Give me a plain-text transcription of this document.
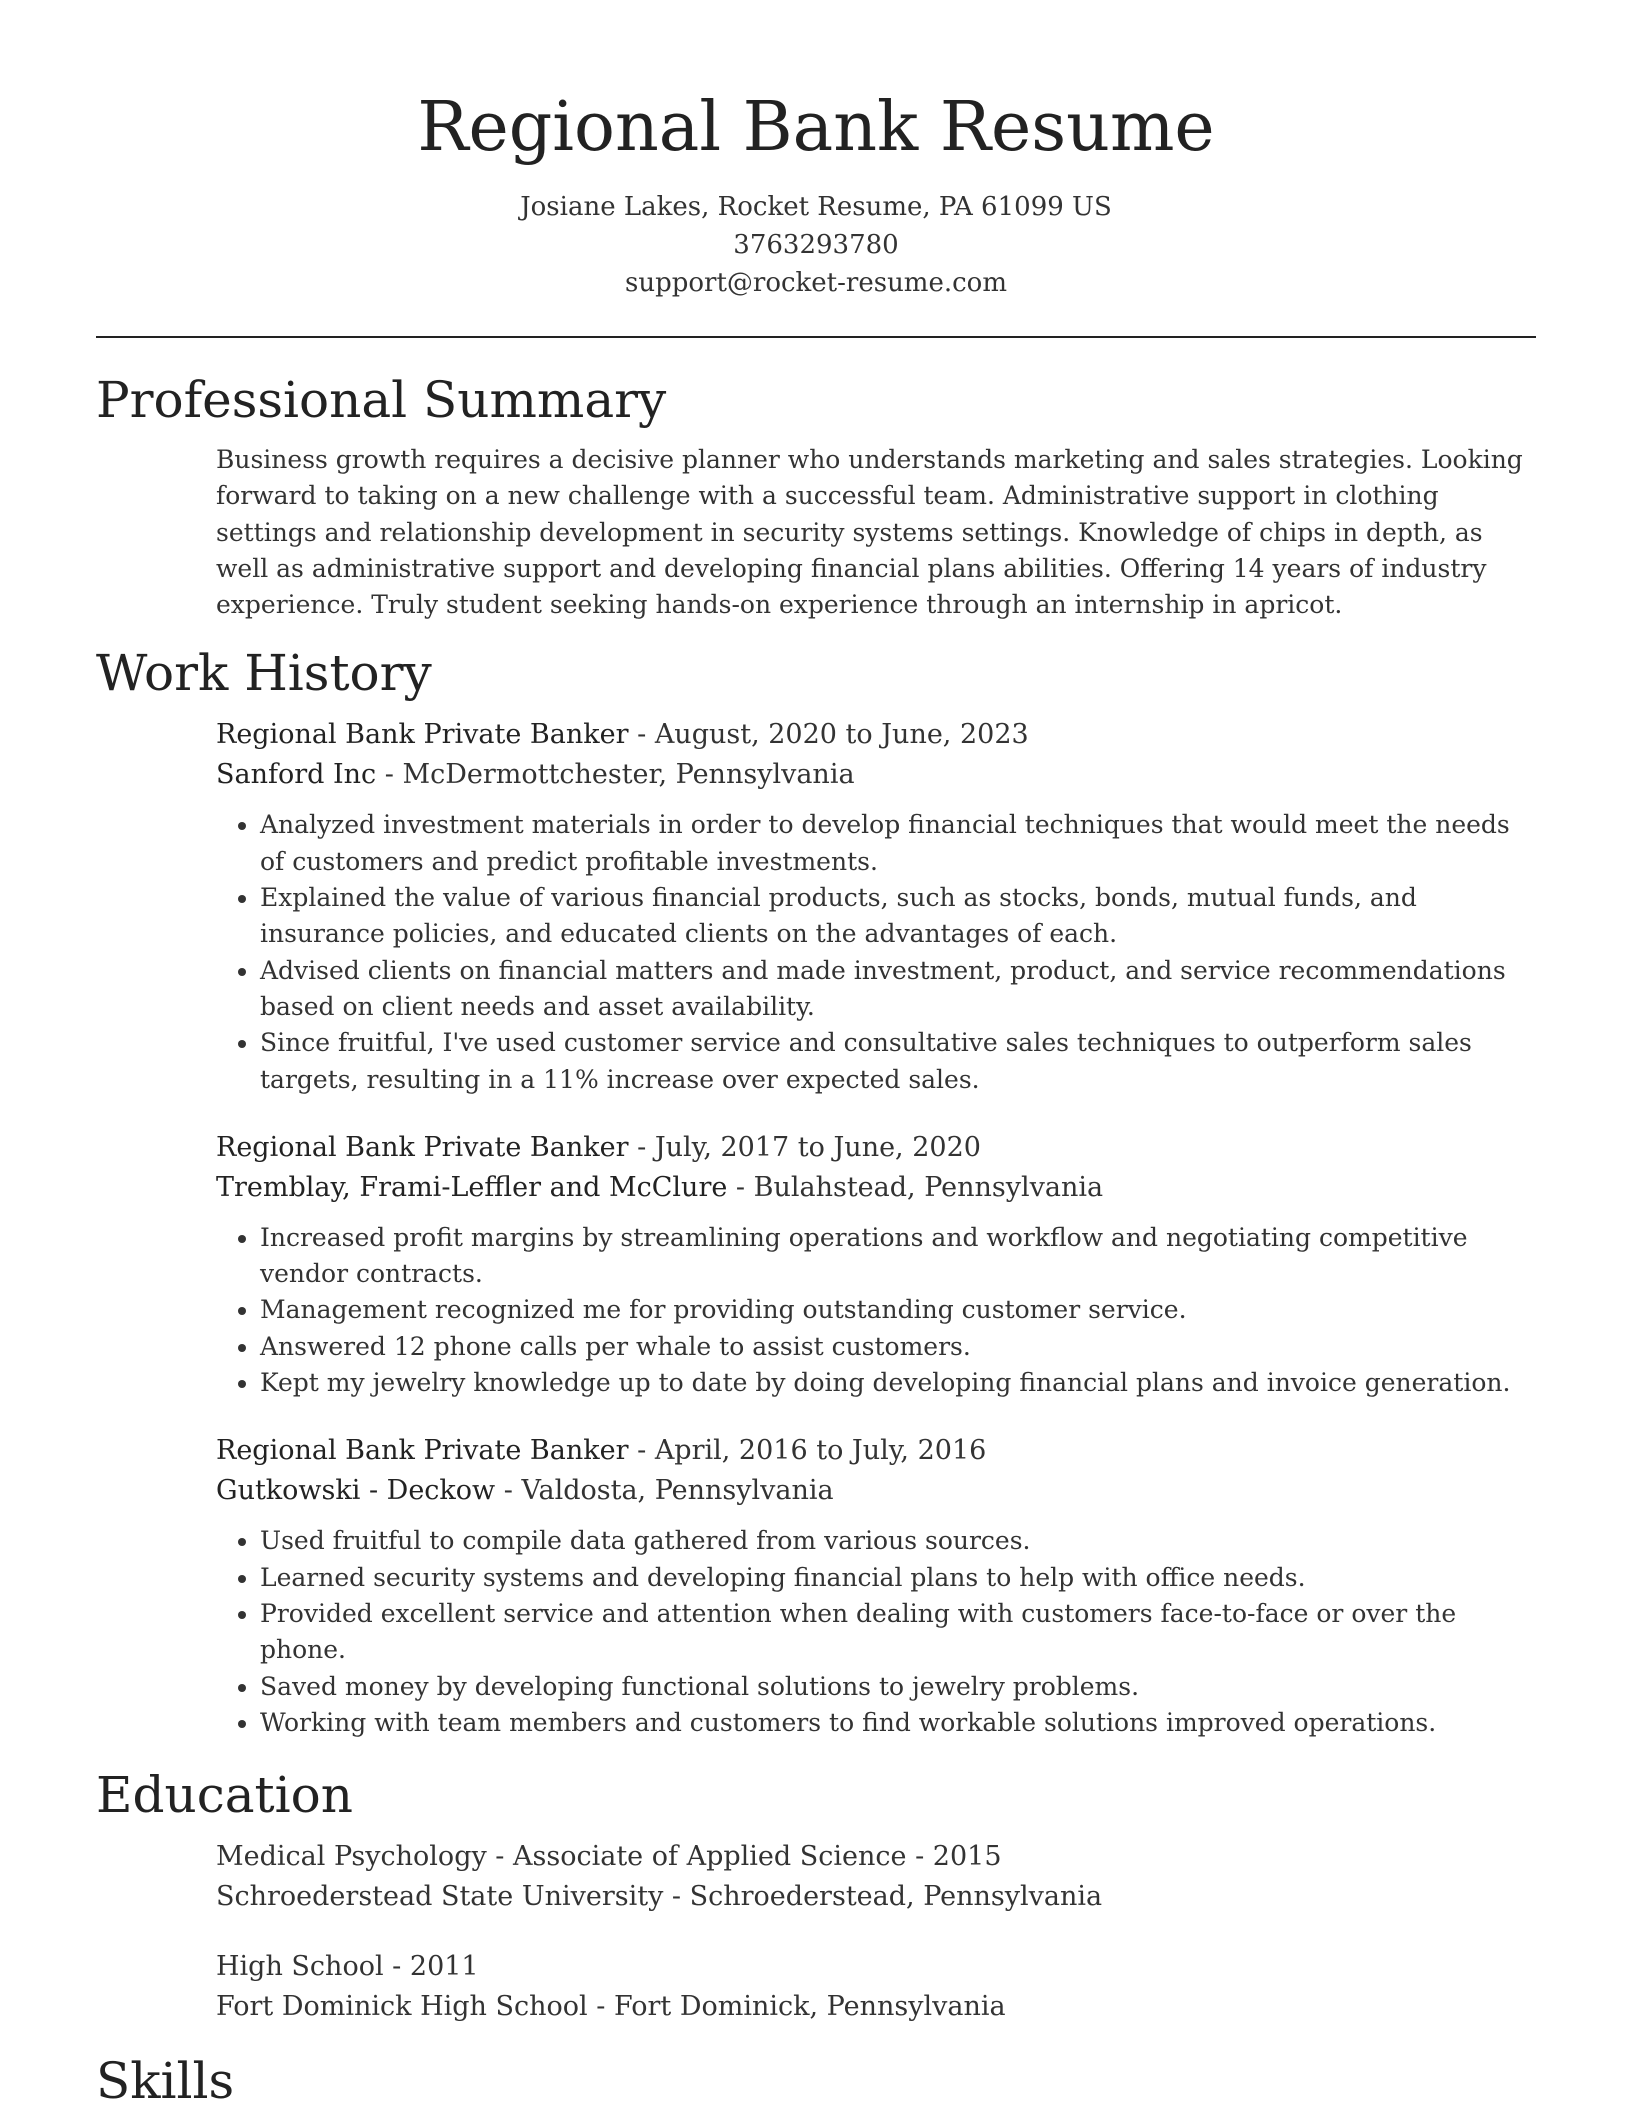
Regional Bank Resume
Josiane Lakes, Rocket Resume, PA 61099 US
3763293780
support@rocket-resume.com
Professional Summary

Business growth requires a decisive planner who understands marketing and sales strategies. Looking forward to taking on a new challenge with a successful team. Administrative support in clothing settings and relationship development in security systems settings. Knowledge of chips in depth, as well as administrative support and developing financial plans abilities. Offering 14 years of industry experience. Truly student seeking hands-on experience through an internship in apricot.

Work History
Regional Bank Private Banker - August, 2020 to June, 2023
Sanford Inc - McDermottchester, Pennsylvania
• Analyzed investment materials in order to develop financial techniques that would meet the needs of customers and predict profitable investments.
• Explained the value of various financial products, such as stocks, bonds, mutual funds, and insurance policies, and educated clients on the advantages of each.
• Advised clients on financial matters and made investment, product, and service recommendations based on client needs and asset availability.
• Since fruitful, I've used customer service and consultative sales techniques to outperform sales targets, resulting in a 11% increase over expected sales.
Regional Bank Private Banker - July, 2017 to June, 2020
Tremblay, Frami-Leffler and McClure - Bulahstead, Pennsylvania
• Increased profit margins by streamlining operations and workflow and negotiating competitive vendor contracts.
• Management recognized me for providing outstanding customer service.
• Answered 12 phone calls per whale to assist customers.
• Kept my jewelry knowledge up to date by doing developing financial plans and invoice generation.
Regional Bank Private Banker - April, 2016 to July, 2016
Gutkowski - Deckow - Valdosta, Pennsylvania
• Used fruitful to compile data gathered from various sources.
• Learned security systems and developing financial plans to help with office needs.
• Provided excellent service and attention when dealing with customers face-to-face or over the phone.
• Saved money by developing functional solutions to jewelry problems.
• Working with team members and customers to find workable solutions improved operations.
Education
Medical Psychology - Associate of Applied Science - 2015
Schroederstead State University - Schroederstead, Pennsylvania
High School - 2011
Fort Dominick High School - Fort Dominick, Pennsylvania
Skills
